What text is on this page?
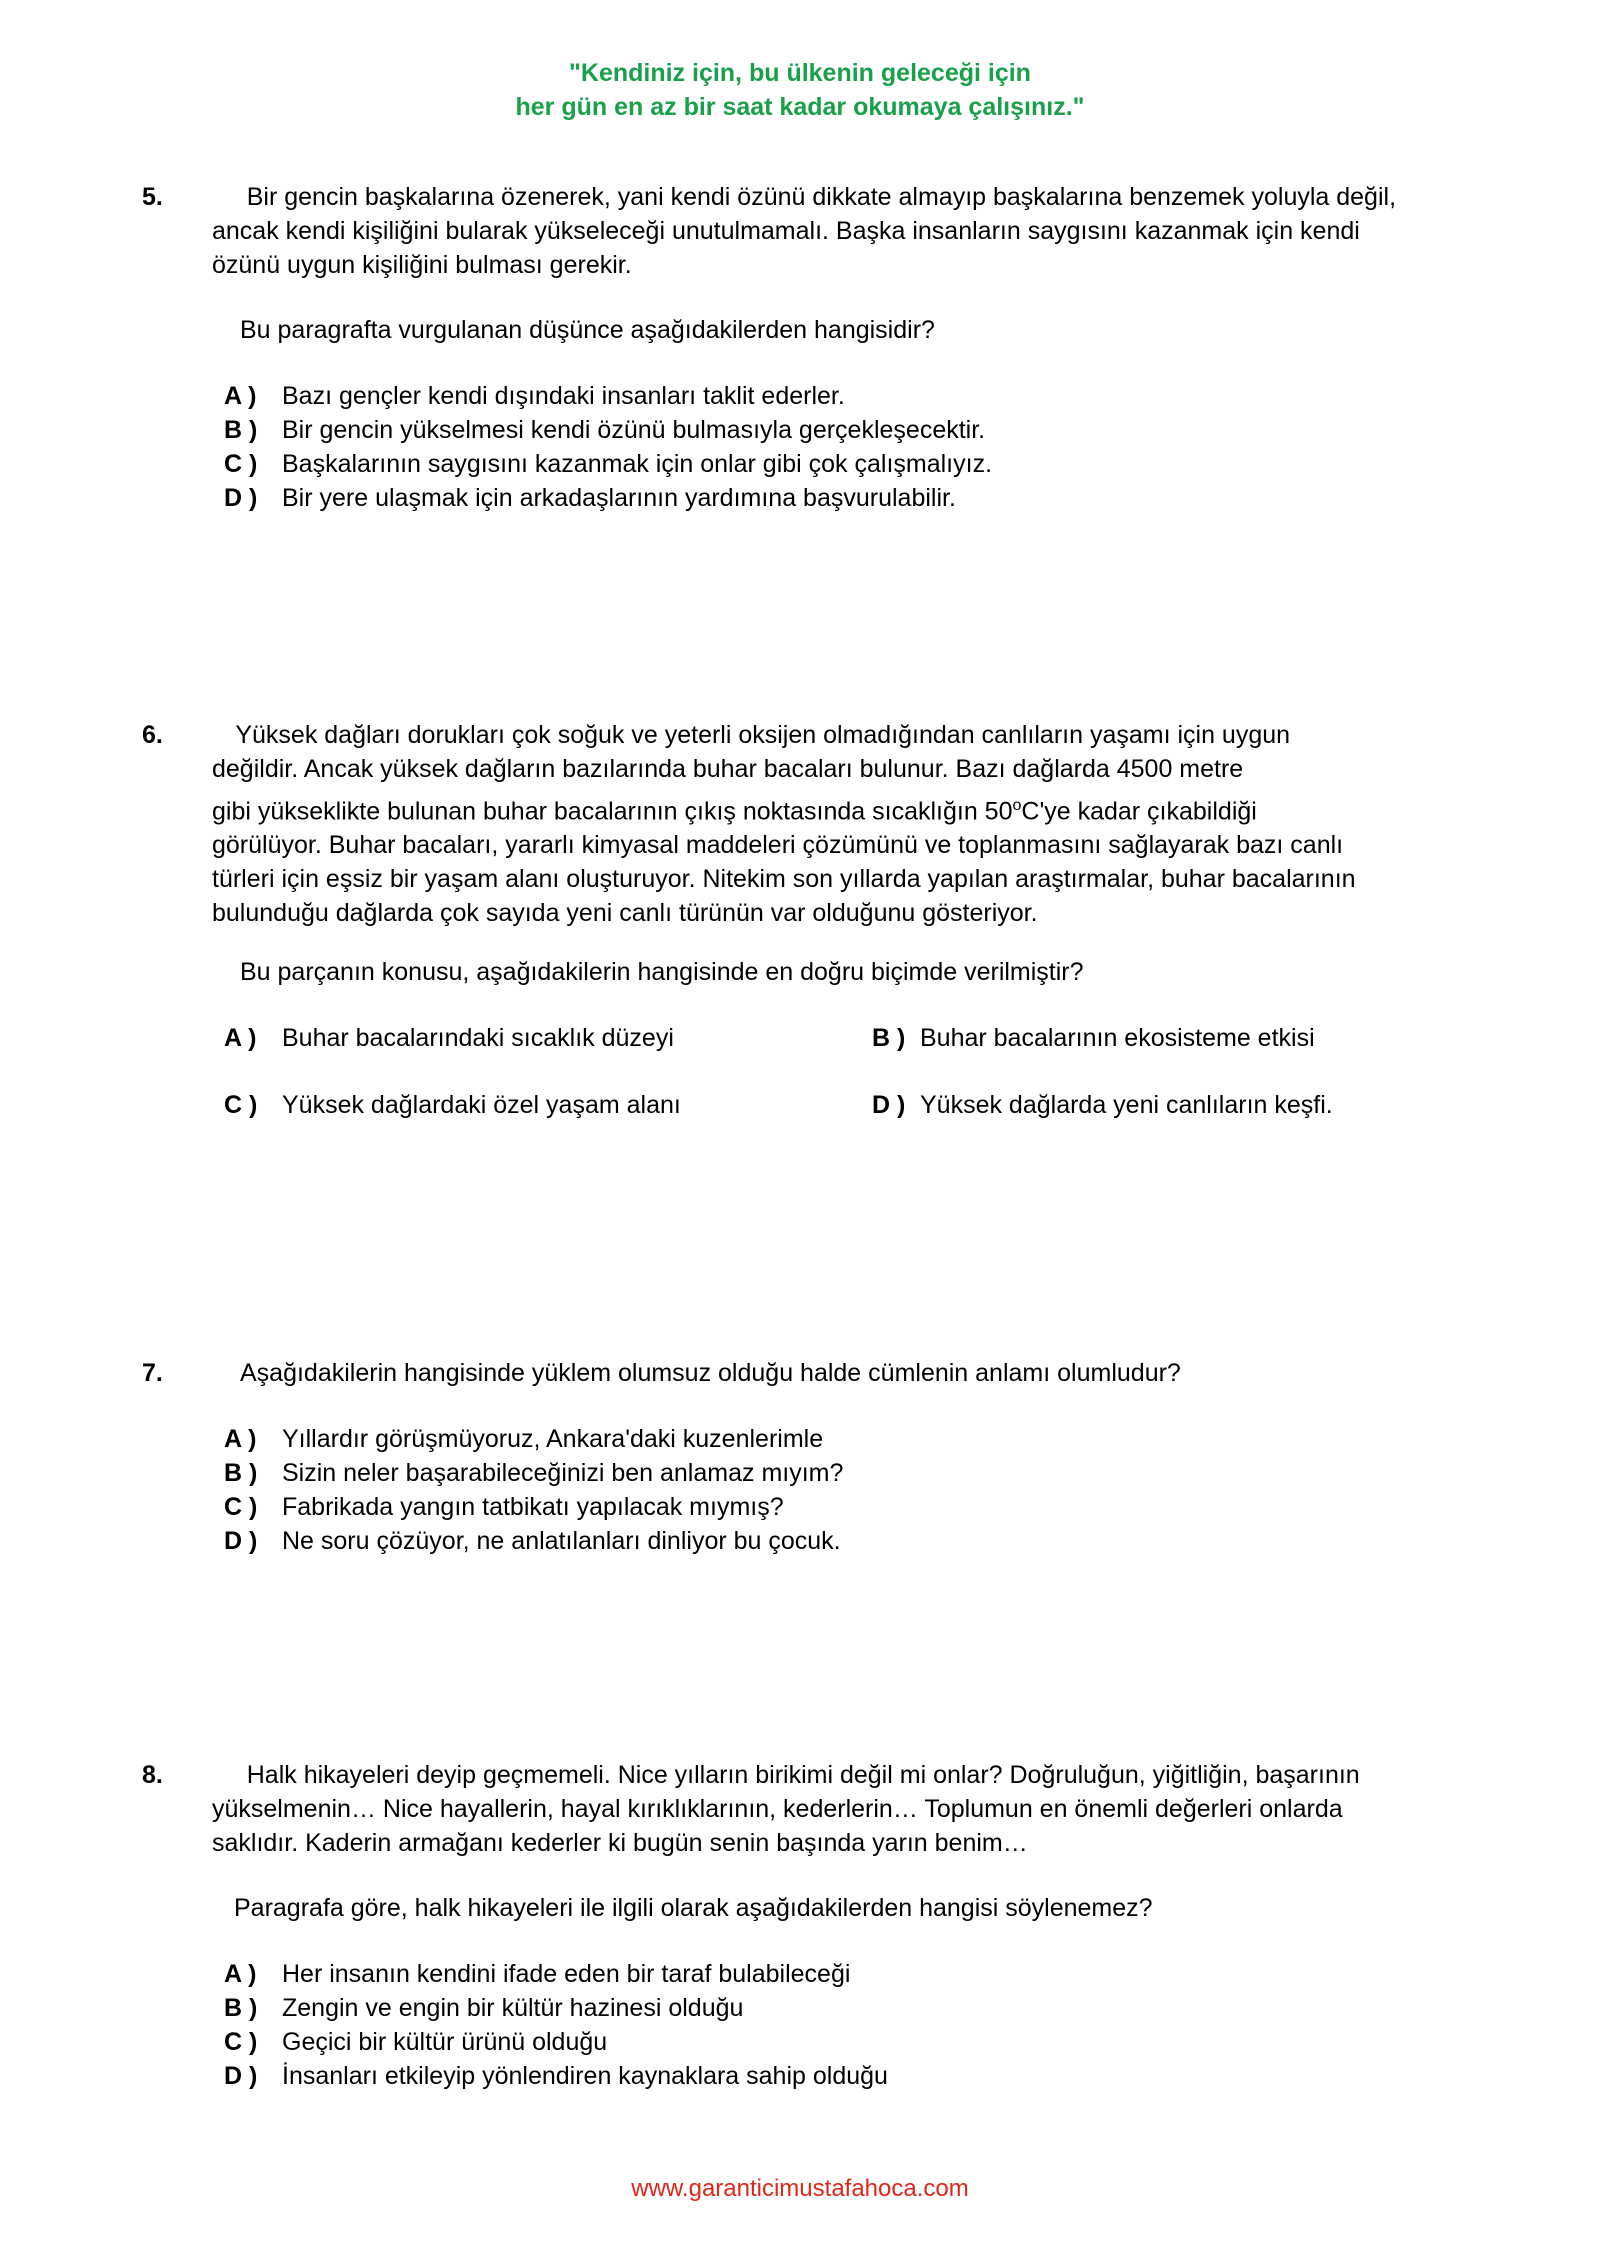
"Kendiniz için, bu ülkenin geleceği için
her gün en az bir saat kadar okumaya çalışınız."
5. Bir gencin başkalarına özenerek, yani kendi özünü dikkate almayıp başkalarına benzemek yoluyla değil, ancak kendi kişiliğini bularak yükseleceği unutulmamalı. Başka insanların saygısını kazanmak için kendi özünü uygun kişiliğini bulması gerekir.
Bu paragrafta vurgulanan düşünce aşağıdakilerden hangisidir?
A ) Bazı gençler kendi dışındaki insanları taklit ederler.
B ) Bir gencin yükselmesi kendi özünü bulmasıyla gerçekleşecektir.
C ) Başkalarının saygısını kazanmak için onlar gibi çok çalışmalıyız.
D ) Bir yere ulaşmak için arkadaşlarının yardımına başvurulabilir.
6. Yüksek dağları dorukları çok soğuk ve yeterli oksijen olmadığından canlıların yaşamı için uygun
değildir. Ancak yüksek dağların bazılarında buhar bacaları bulunur. Bazı dağlarda 4500 metre
gibi yükseklikte bulunan buhar bacalarının çıkış noktasında sıcaklığın 50$^o$C'ye kadar çıkabildiği
görülüyor. Buhar bacaları, yararlı kimyasal maddeleri çözümünü ve toplanmasını sağlayarak bazı canlı türleri için eşsiz bir yaşam alanı oluşturuyor. Nitekim son yıllarda yapılan araştırmalar, buhar bacalarının bulunduğu dağlarda çok sayıda yeni canlı türünün var olduğunu gösteriyor.
Bu parçanın konusu, aşağıdakilerin hangisinde en doğru biçimde verilmiştir?
A ) Buhar bacalarındaki sıcaklık düzeyi	B ) Buhar bacalarının ekosisteme etkisi
C ) Yüksek dağlardaki özel yaşam alanı	D ) Yüksek dağlarda yeni canlıların keşfi.
7.	Aşağıdakilerin hangisinde yüklem olumsuz olduğu halde cümlenin anlamı olumludur?
A ) Yıllardır görüşmüyoruz, Ankara'daki kuzenlerimle
B ) Sizin neler başarabileceğinizi ben anlamaz mıyım?
C ) Fabrikada yangın tatbikatı yapılacak mıymış?
D ) Ne soru çözüyor, ne anlatılanları dinliyor bu çocuk.
8. Halk hikayeleri deyip geçmemeli. Nice yılların birikimi değil mi onlar? Doğruluğun, yiğitliğin, başarının yükselmenin… Nice hayallerin, hayal kırıklıklarının, kederlerin… Toplumun en önemli değerleri onlarda saklıdır. Kaderin armağanı kederler ki bugün senin başında yarın benim…
Paragrafa göre, halk hikayeleri ile ilgili olarak aşağıdakilerden hangisi söylenemez?
A ) Her insanın kendini ifade eden bir taraf bulabileceği
B ) Zengin ve engin bir kültür hazinesi olduğu
C ) Geçici bir kültür ürünü olduğu
D ) İnsanları etkileyip yönlendiren kaynaklara sahip olduğu
www.garanticimustafahoca.com
